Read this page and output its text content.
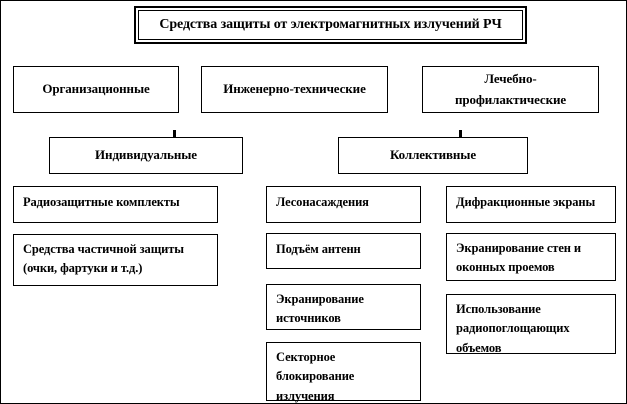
Средства защиты от электромагнитных излучений РЧ
Организационные	Инженерно-технические
Лечебно-профилактические
Индивидуальные	Коллективные
Радиозащитные комплекты
Средства частичной защиты (очки, фартуки и т.д.)
Лесонасаждения
Подъём антенн
Экранирование источников
Секторное блокирование излучения
Дифракционные экраны
Экранирование стен и оконных проемов
Использование радиопоглощающих объемов
